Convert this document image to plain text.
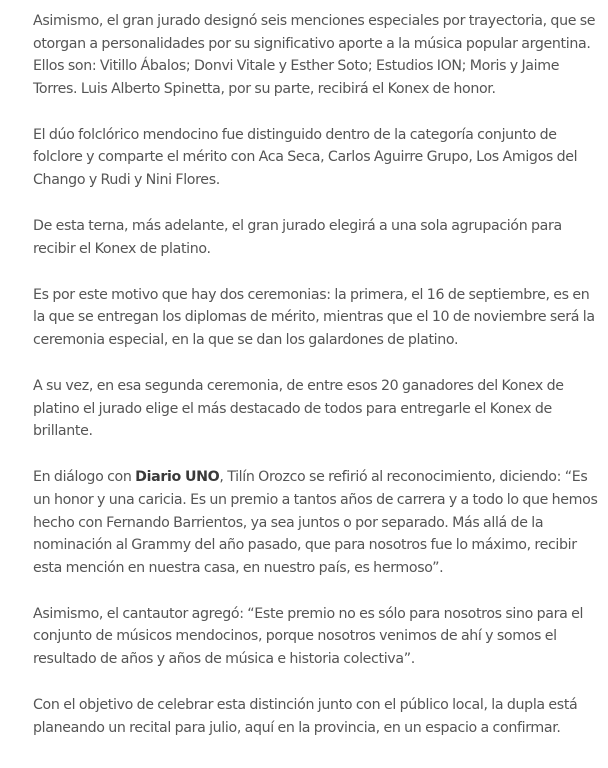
Asimismo, el gran jurado designó seis menciones especiales por trayectoria, que se otorgan a personalidades por su significativo aporte a la música popular argentina. Ellos son: Vitillo Ábalos; Donvi Vitale y Esther Soto; Estudios ION; Moris y Jaime Torres. Luis Alberto Spinetta, por su parte, recibirá el Konex de honor.

El dúo folclórico mendocino fue distinguido dentro de la categoría conjunto de folclore y comparte el mérito con Aca Seca, Carlos Aguirre Grupo, Los Amigos del Chango y Rudi y Nini Flores.

De esta terna, más adelante, el gran jurado elegirá a una sola agrupación para recibir el Konex de platino.

Es por este motivo que hay dos ceremonias: la primera, el 16 de septiembre, es en la que se entregan los diplomas de mérito, mientras que el 10 de noviembre será la ceremonia especial, en la que se dan los galardones de platino.

A su vez, en esa segunda ceremonia, de entre esos 20 ganadores del Konex de platino el jurado elige el más destacado de todos para entregarle el Konex de brillante.

En diálogo con Diario UNO, Tilín Orozco se refirió al reconocimiento, diciendo: “Es un honor y una caricia. Es un premio a tantos años de carrera y a todo lo que hemos hecho con Fernando Barrientos, ya sea juntos o por separado. Más allá de la nominación al Grammy del año pasado, que para nosotros fue lo máximo, recibir esta mención en nuestra casa, en nuestro país, es hermoso”.

Asimismo, el cantautor agregó: “Este premio no es sólo para nosotros sino para el conjunto de músicos mendocinos, porque nosotros venimos de ahí y somos el resultado de años y años de música e historia colectiva”.

Con el objetivo de celebrar esta distinción junto con el público local, la dupla está planeando un recital para julio, aquí en la provincia, en un espacio a confirmar.
